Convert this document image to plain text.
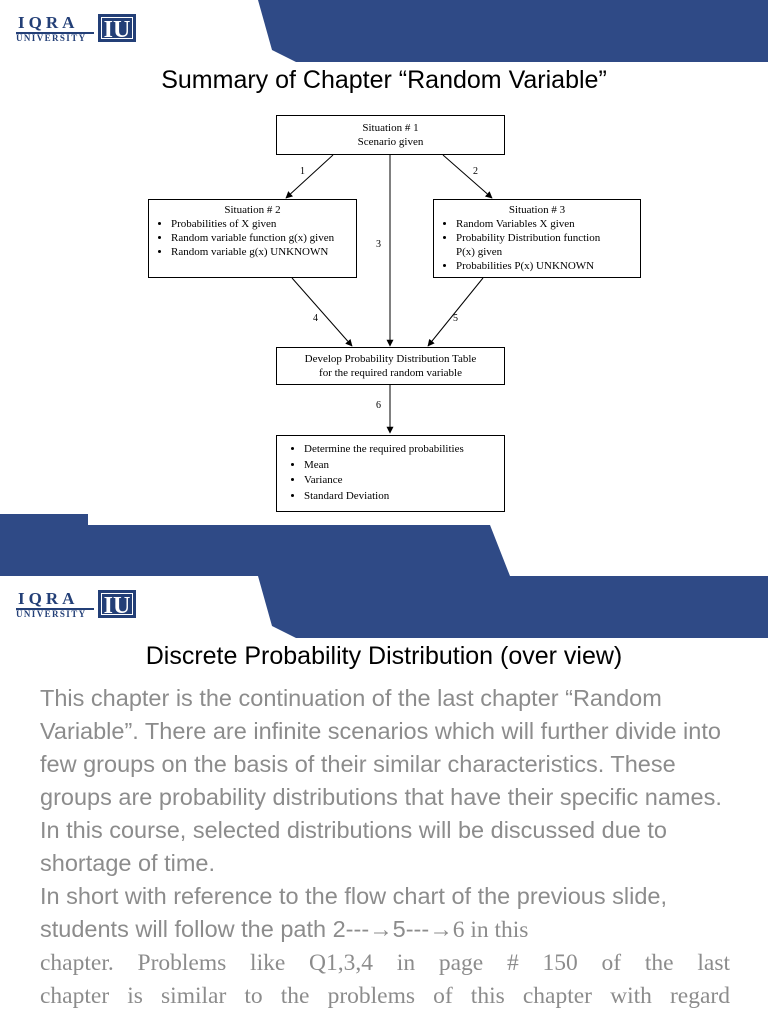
IQRA
UNIVERSITY IU
Summary of Chapter “Random Variable”
Situation # 1
Scenario given
Situation # 2
• Probabilities of X given
• Random variable function g(x) given
• Random variable g(x) UNKNOWN
Situation # 3
• Random Variables X given
• Probability Distribution function
P(x) given
• Probabilities P(x) UNKNOWN
Develop Probability Distribution Table
for the required random variable
• Determine the required probabilities
• Mean
• Variance
• Standard Deviation
1	2
3
4	5
6
IQRA
UNIVERSITY IU
Discrete Probability Distribution (over view)

This chapter is the continuation of the last chapter “Random Variable”. There are infinite scenarios which will further divide into few groups on the basis of their similar characteristics. These groups are probability distributions that have their specific names.

In this course, selected distributions will be discussed due to shortage of time.

In short with reference to the flow chart of the previous slide, students will follow the path 2---→5---→6 in this

chapter. Problems like Q1,3,4 in page # 150 of the last

chapter is similar to the problems of this chapter with regard
